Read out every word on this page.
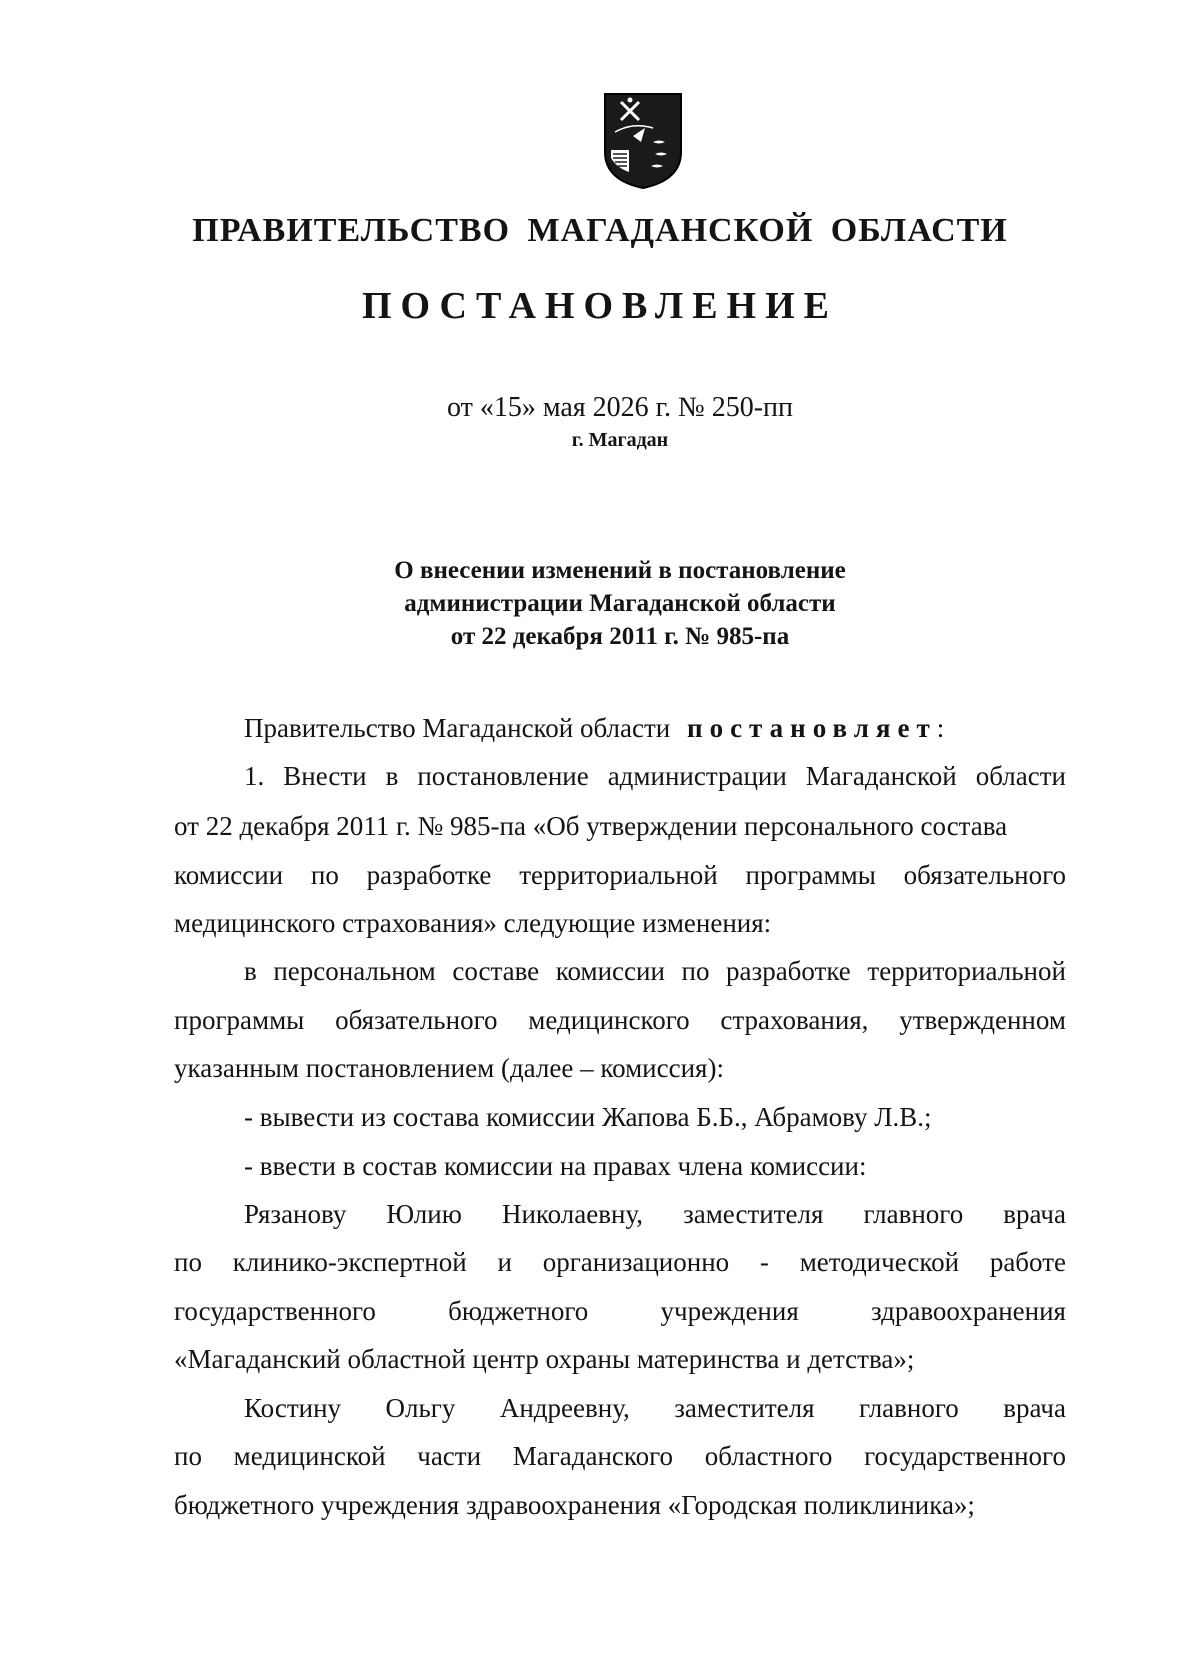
ПРАВИТЕЛЬСТВО МАГАДАНСКОЙ ОБЛАСТИ
ПОСТАНОВЛЕНИЕ
от «15» мая 2026 г. № 250-пп
г. Магадан
О внесении изменений в постановление
администрации Магаданской области
от 22 декабря 2011 г. № 985-па
Правительство Магаданской области постановляет:
1. Внести в постановление администрации Магаданской области
от 22 декабря 2011 г. № 985-па «Об утверждении персонального состава
комиссии по разработке территориальной программы обязательного
медицинского страхования» следующие изменения:
в персональном составе комиссии по разработке территориальной
программы обязательного медицинского страхования, утвержденном
указанным постановлением (далее – комиссия):
- вывести из состава комиссии Жапова Б.Б., Абрамову Л.В.;
- ввести в состав комиссии на правах члена комиссии:
Рязанову Юлию Николаевну, заместителя главного врача
по клинико-экспертной и организационно - методической работе
государственного	бюджетного	учреждения	здравоохранения
«Магаданский областной центр охраны материнства и детства»;
Костину Ольгу Андреевну, заместителя главного врача
по медицинской части Магаданского областного государственного
бюджетного учреждения здравоохранения «Городская поликлиника»;
